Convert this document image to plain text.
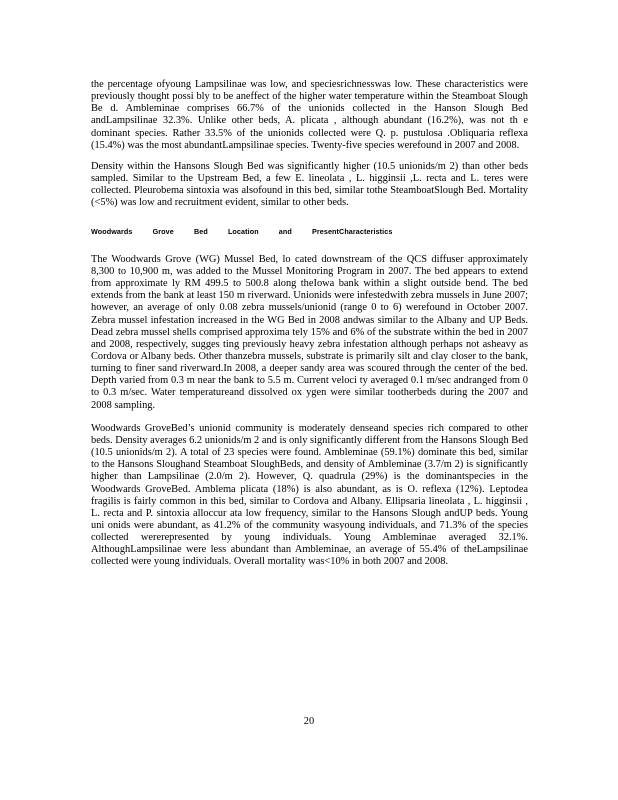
the percentage ofyoung Lampsilinae was low, and speciesrichnesswas low. These characteristics were previously thought possi bly to be aneffect of the higher water temperature within the Steamboat Slough Be d. Ambleminae comprises 66.7% of the unionids collected in the Hanson Slough Bed andLampsilinae 32.3%. Unlike other beds, A. plicata , although abundant (16.2%), was not th e dominant species. Rather 33.5% of the unionids collected were Q. p. pustulosa .Obliquaria reflexa (15.4%) was the most abundantLampsilinae species. Twenty-five species werefound in 2007 and 2008.

Density within the Hansons Slough Bed was significantly higher (10.5 unionids/m 2) than other beds sampled. Similar to the Upstream Bed, a few E. lineolata , L. higginsii ,L. recta and L. teres were collected. Pleurobema sintoxia was alsofound in this bed, similar tothe SteamboatSlough Bed. Mortality (<5%) was low and recruitment evident, similar to other beds.

Woodwards Grove Bed Location and PresentCharacteristics

The Woodwards Grove (WG) Mussel Bed, lo cated downstream of the QCS diffuser approximately 8,300 to 10,900 m, was added to the Mussel Monitoring Program in 2007. The bed appears to extend from approximate ly RM 499.5 to 500.8 along theIowa bank within a slight outside bend. The bed extends from the bank at least 150 m riverward. Unionids were infestedwith zebra mussels in June 2007; however, an average of only 0.08 zebra mussels/unionid (range 0 to 6) werefound in October 2007. Zebra mussel infestation increased in the WG Bed in 2008 andwas similar to the Albany and UP Beds. Dead zebra mussel shells comprised approxima tely 15% and 6% of the substrate within the bed in 2007 and 2008, respectively, sugges ting previously heavy zebra infestation although perhaps not asheavy as Cordova or Albany beds. Other thanzebra mussels, substrate is primarily silt and clay closer to the bank, turning to finer sand riverward.In 2008, a deeper sandy area was scoured through the center of the bed. Depth varied from 0.3 m near the bank to 5.5 m. Current veloci ty averaged 0.1 m/sec andranged from 0 to 0.3 m/sec. Water temperatureand dissolved ox ygen were similar tootherbeds during the 2007 and 2008 sampling.

Woodwards GroveBed’s unionid community is moderately denseand species rich compared to other beds. Density averages 6.2 unionids/m 2 and is only significantly different from the Hansons Slough Bed (10.5 unionids/m 2). A total of 23 species were found. Ambleminae (59.1%) dominate this bed, similar to the Hansons Sloughand Steamboat SloughBeds, and density of Ambleminae (3.7/m 2) is significantly higher than Lampsilinae (2.0/m 2). However, Q. quadrula (29%) is the dominantspecies in the Woodwards GroveBed. Amblema plicata (18%) is also abundant, as is O. reflexa (12%). Leptodea fragilis is fairly common in this bed, similar to Cordova and Albany. Ellipsaria lineolata , L. higginsii , L. recta and P. sintoxia alloccur ata low frequency, similar to the Hansons Slough andUP beds. Young uni onids were abundant, as 41.2% of the community wasyoung individuals, and 71.3% of the species collected wererepresented by young individuals. Young Ambleminae averaged 32.1%. AlthoughLampsilinae were less abundant than Ambleminae, an average of 55.4% of theLampsilinae collected were young individuals. Overall mortality was<10% in both 2007 and 2008.

20
